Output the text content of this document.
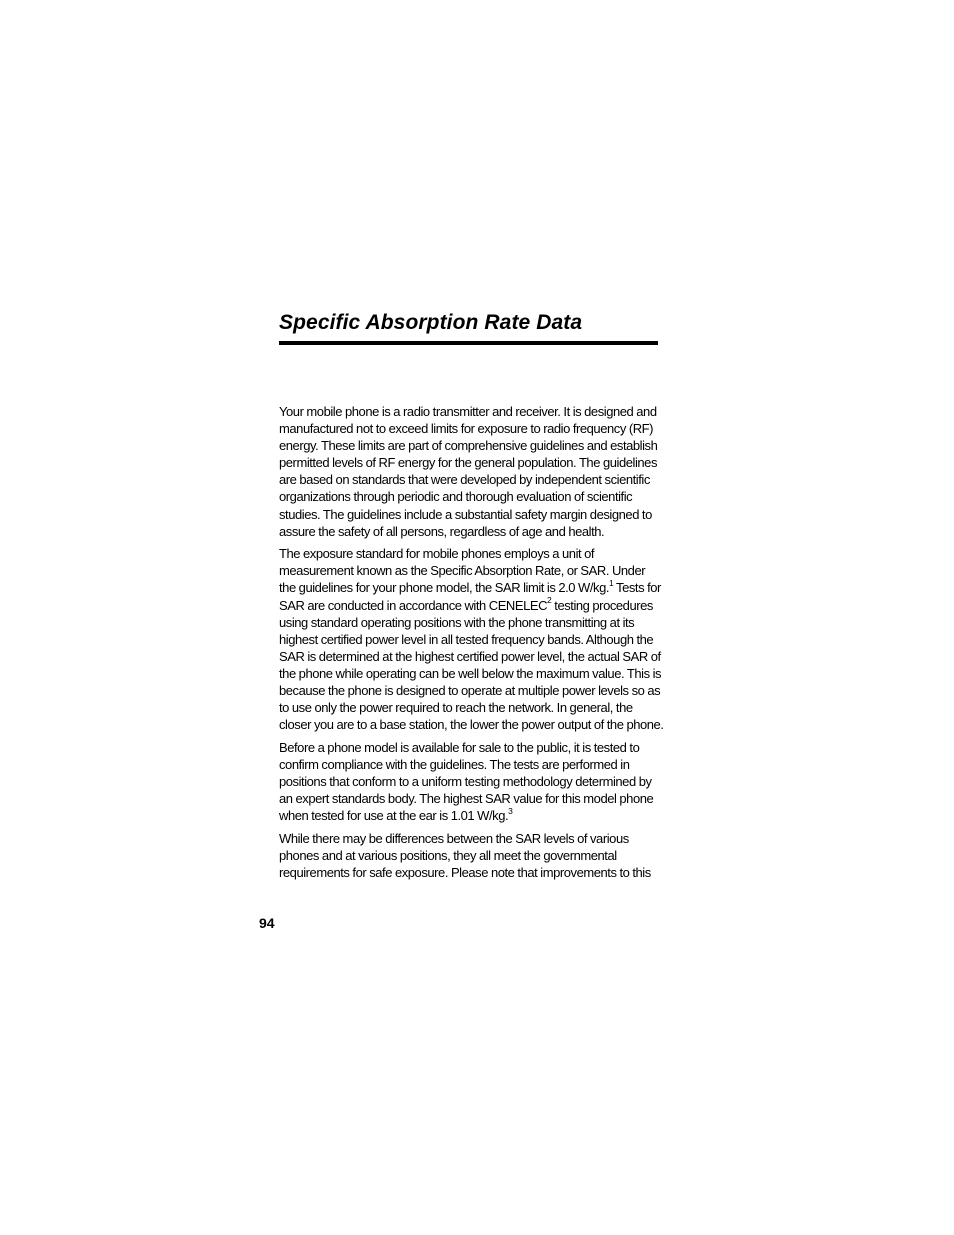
Specific Absorption Rate Data

Your mobile phone is a radio transmitter and receiver. It is designed and manufactured not to exceed limits for exposure to radio frequency (RF) energy. These limits are part of comprehensive guidelines and establish permitted levels of RF energy for the general population. The guidelines are based on standards that were developed by independent scientific organizations through periodic and thorough evaluation of scientific studies. The guidelines include a substantial safety margin designed to assure the safety of all persons, regardless of age and health.

The exposure standard for mobile phones employs a unit of measurement known as the Specific Absorption Rate, or SAR. Under the guidelines for your phone model, the SAR limit is 2.0 W/kg.$^1$ Tests for SAR are conducted in accordance with CENELEC$^2$ testing procedures using standard operating positions with the phone transmitting at its highest certified power level in all tested frequency bands. Although the SAR is determined at the highest certified power level, the actual SAR of the phone while operating can be well below the maximum value. This is because the phone is designed to operate at multiple power levels so as to use only the power required to reach the network. In general, the closer you are to a base station, the lower the power output of the phone.

Before a phone model is available for sale to the public, it is tested to confirm compliance with the guidelines. The tests are performed in positions that conform to a uniform testing methodology determined by an expert standards body. The highest SAR value for this model phone when tested for use at the ear is 1.01 W/kg.$^3$

While there may be differences between the SAR levels of various phones and at various positions, they all meet the governmental requirements for safe exposure. Please note that improvements to this

94
